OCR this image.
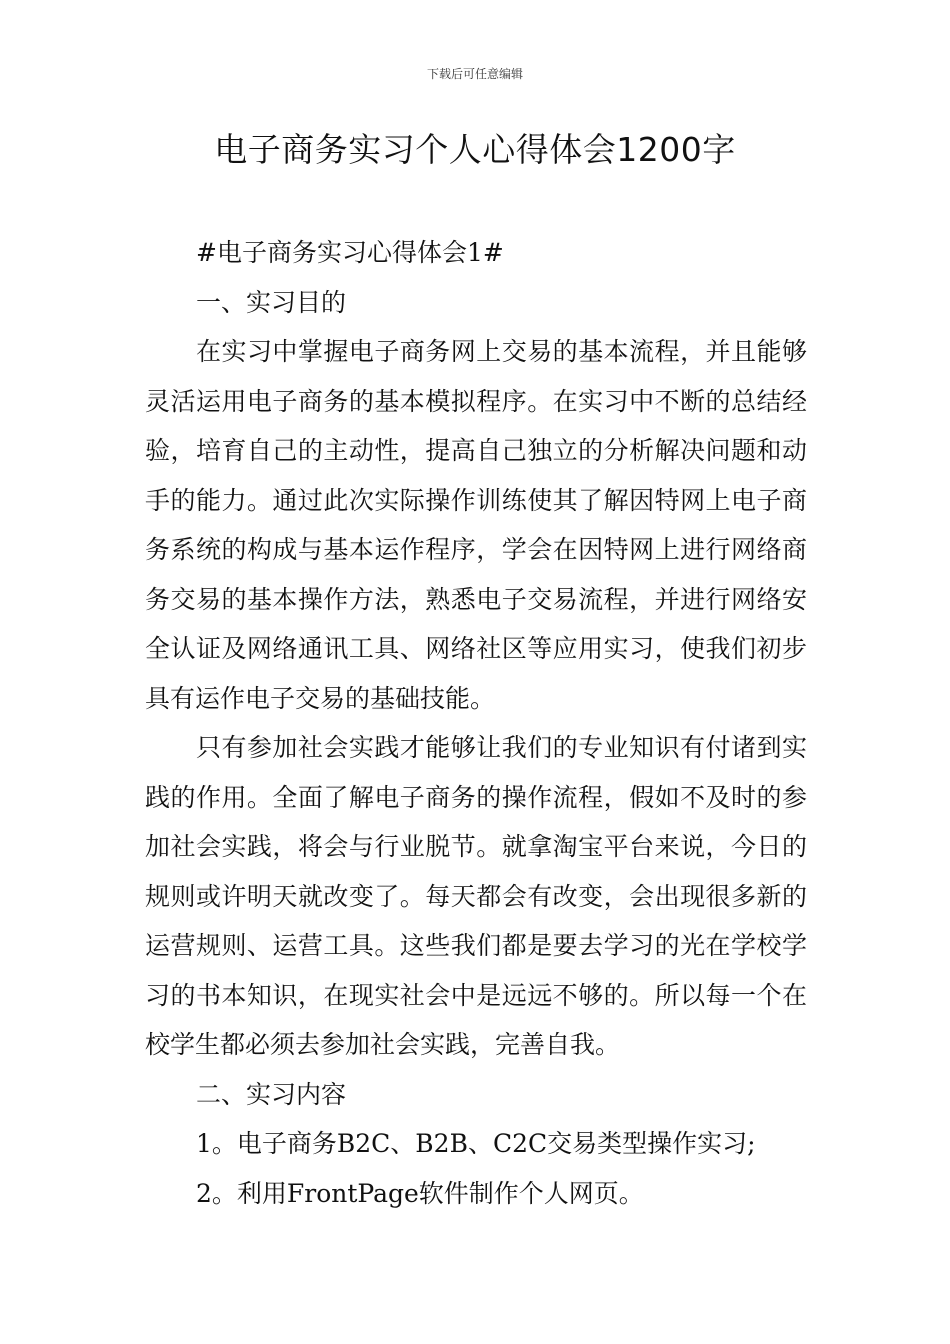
下载后可任意编辑
电子商务实习个人心得体会1200字

#电子商务实习心得体会1#

一、实习目的

在实习中掌握电子商务网上交易的基本流程，并且能够灵活运用电子商务的基本模拟程序。在实习中不断的总结经验，培育自己的主动性，提高自己独立的分析解决问题和动手的能力。通过此次实际操作训练使其了解因特网上电子商务系统的构成与基本运作程序，学会在因特网上进行网络商务交易的基本操作方法，熟悉电子交易流程，并进行网络安全认证及网络通讯工具、网络社区等应用实习，使我们初步具有运作电子交易的基础技能。

只有参加社会实践才能够让我们的专业知识有付诸到实践的作用。全面了解电子商务的操作流程，假如不及时的参加社会实践，将会与行业脱节。就拿淘宝平台来说，今日的规则或许明天就改变了。每天都会有改变，会出现很多新的运营规则、运营工具。这些我们都是要去学习的光在学校学习的书本知识，在现实社会中是远远不够的。所以每一个在校学生都必须去参加社会实践，完善自我。

二、实习内容

1。电子商务B2C、B2B、C2C交易类型操作实习;

2。利用FrontPage软件制作个人网页。
